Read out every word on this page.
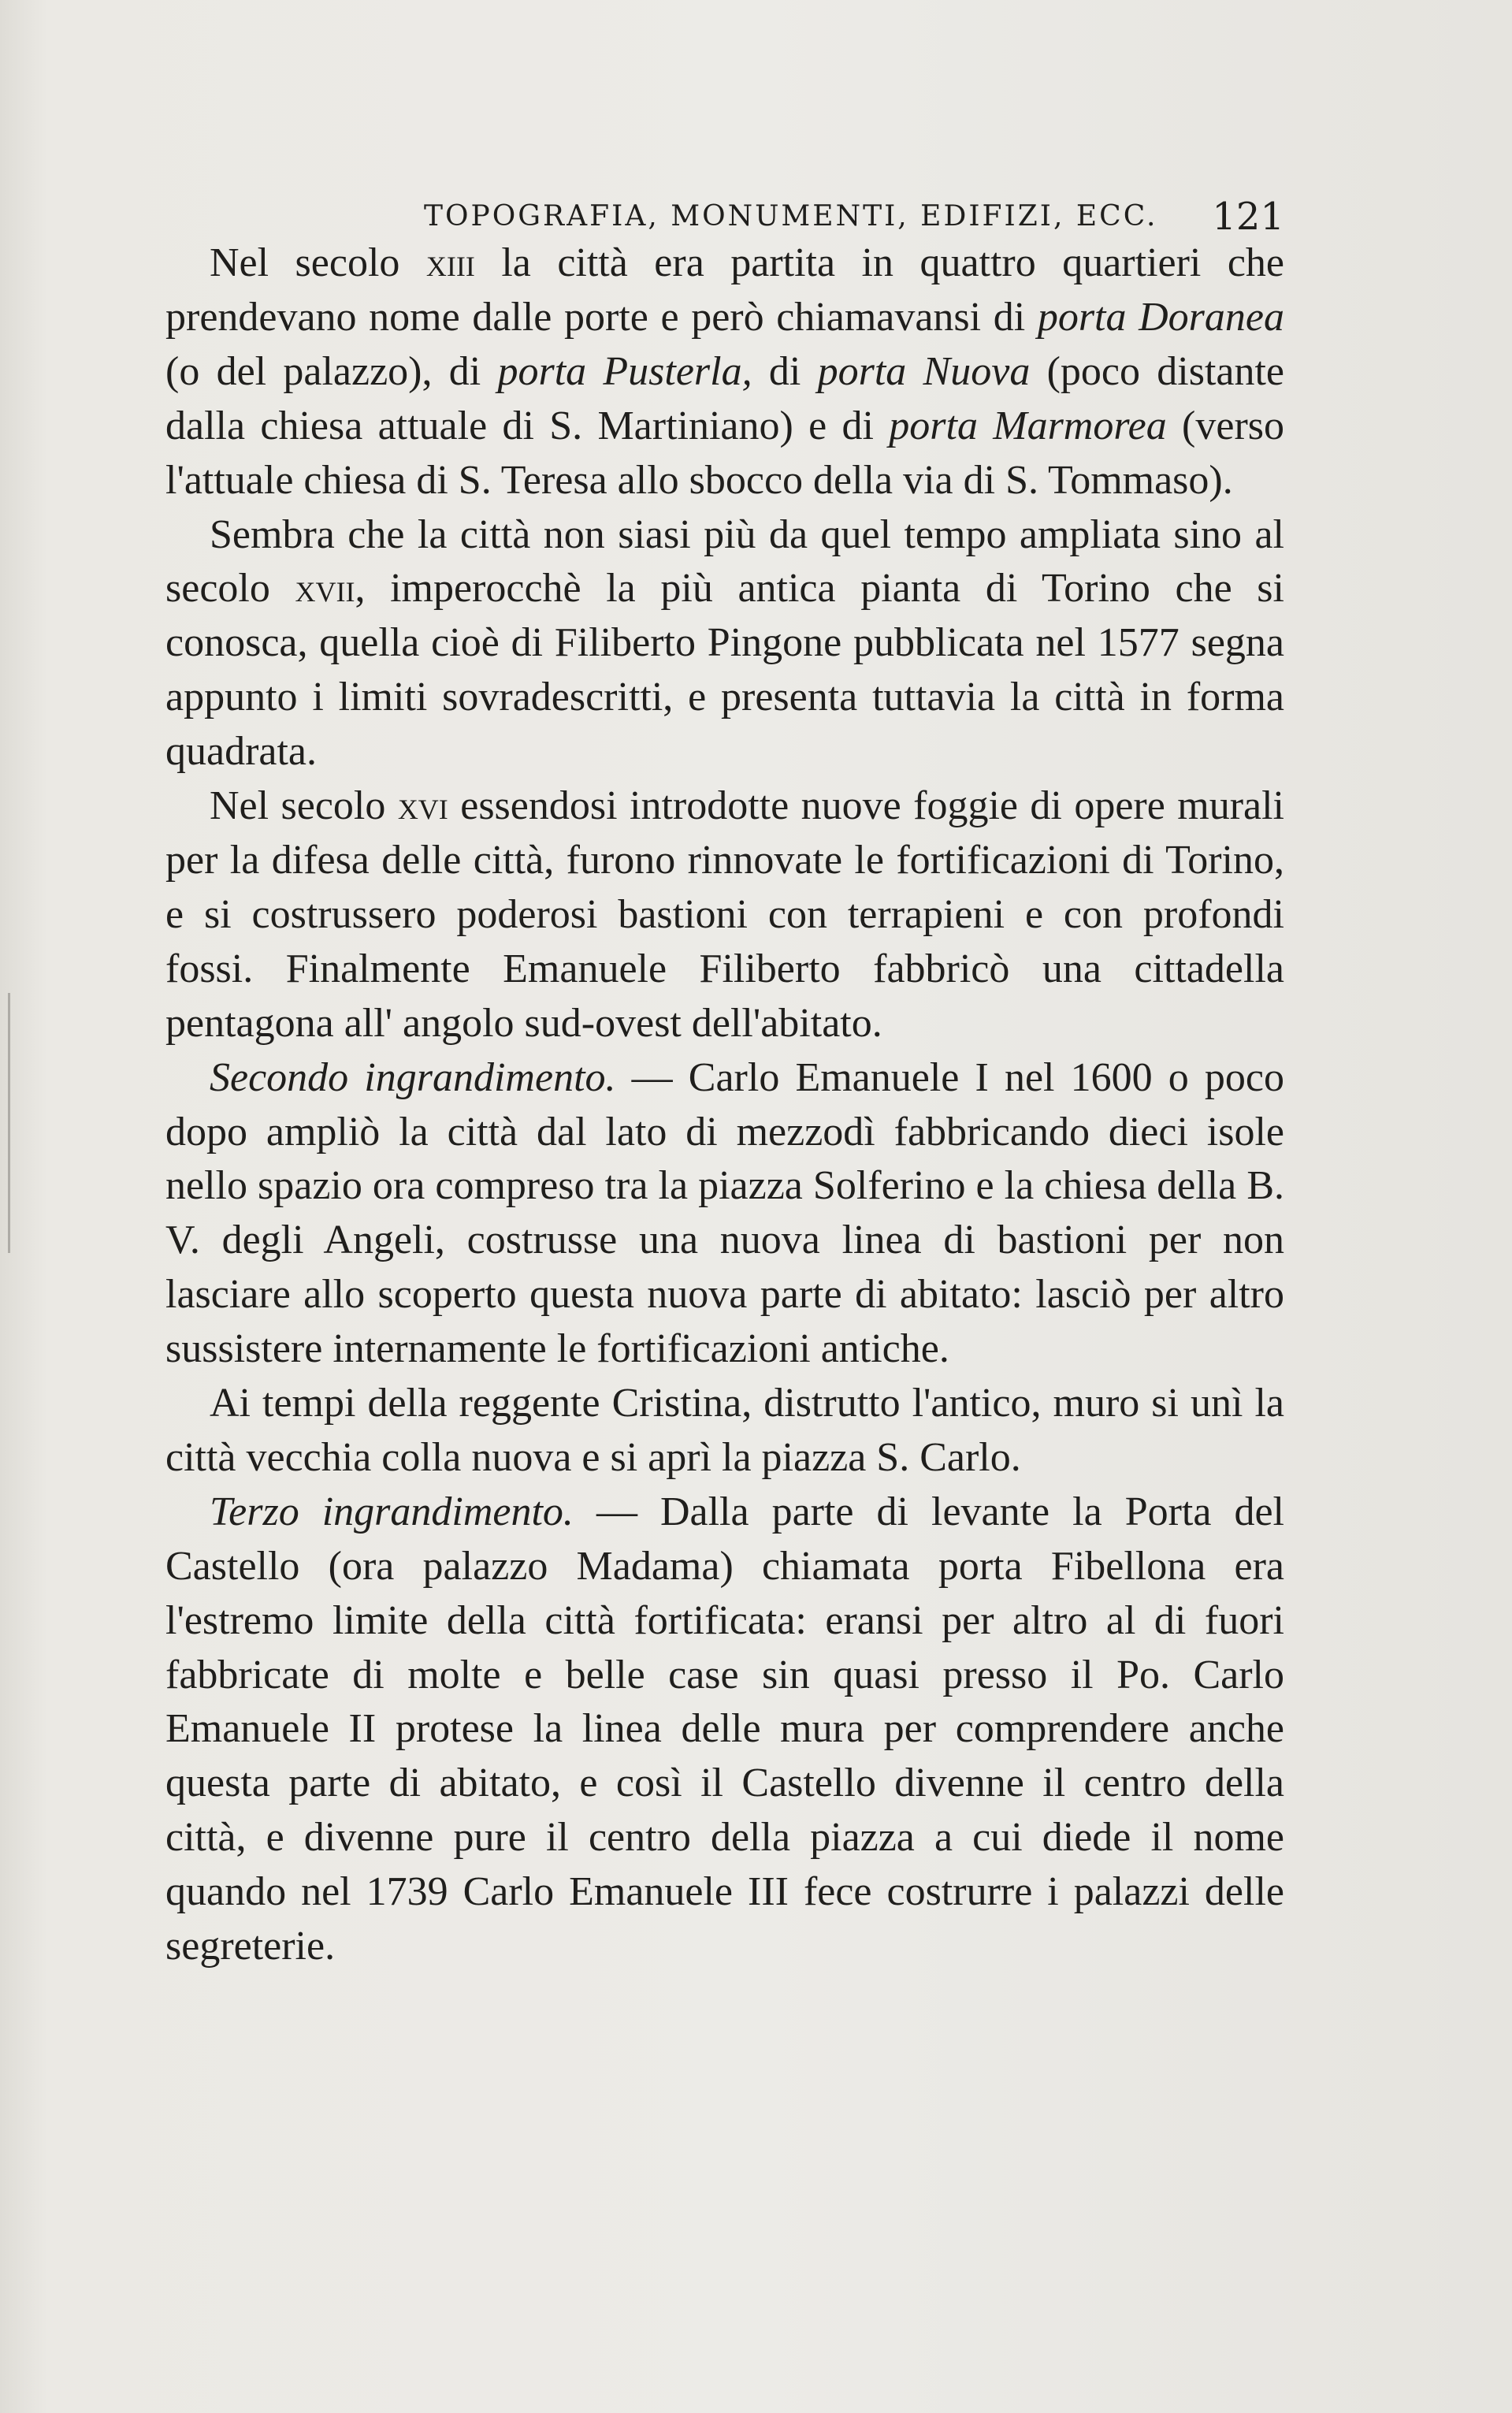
TOPOGRAFIA, MONUMENTI, EDIFIZI, ECC. 121

Nel secolo xiii la città era partita in quattro quartieri che prendevano nome dalle porte e però chiamavansi di porta Doranea (o del palazzo), di porta Pusterla, di porta Nuova (poco distante dalla chiesa attuale di S. Martiniano) e di porta Marmorea (verso l'attuale chiesa di S. Teresa allo sbocco della via di S. Tommaso).

Sembra che la città non siasi più da quel tempo ampliata sino al secolo xvii, imperocchè la più antica pianta di Torino che si conosca, quella cioè di Filiberto Pingone pubblicata nel 1577 segna appunto i limiti sovradescritti, e presenta tuttavia la città in forma quadrata.

Nel secolo xvi essendosi introdotte nuove foggie di opere murali per la difesa delle città, furono rinnovate le fortificazioni di Torino, e si costrussero poderosi bastioni con terrapieni e con profondi fossi. Finalmente Emanuele Filiberto fabbricò una cittadella pentagona all' angolo sud-ovest dell'abitato.

Secondo ingrandimento. — Carlo Emanuele I nel 1600 o poco dopo ampliò la città dal lato di mezzodì fabbricando dieci isole nello spazio ora compreso tra la piazza Solferino e la chiesa della B. V. degli Angeli, costrusse una nuova linea di bastioni per non lasciare allo scoperto questa nuova parte di abitato: lasciò per altro sussistere internamente le fortificazioni antiche.

Ai tempi della reggente Cristina, distrutto l'antico, muro si unì la città vecchia colla nuova e si aprì la piazza S. Carlo.

Terzo ingrandimento. — Dalla parte di levante la Porta del Castello (ora palazzo Madama) chiamata porta Fibellona era l'estremo limite della città fortificata: eransi per altro al di fuori fabbricate di molte e belle case sin quasi presso il Po. Carlo Emanuele II protese la linea delle mura per comprendere anche questa parte di abitato, e così il Castello divenne il centro della città, e divenne pure il centro della piazza a cui diede il nome quando nel 1739 Carlo Emanuele III fece costrurre i palazzi delle segreterie.
